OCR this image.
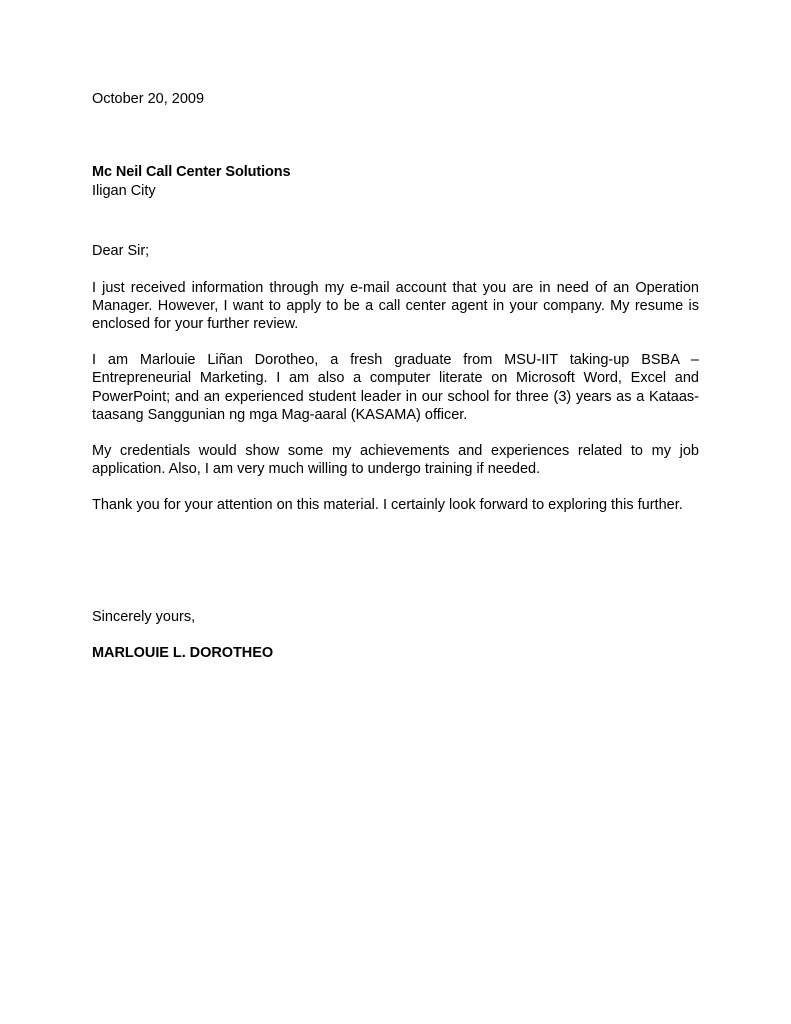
October 20, 2009

Mc Neil Call Center Solutions

Iligan City

Dear Sir;

I just received information through my e-mail account that you are in need of an Operation Manager. However, I want to apply to be a call center agent in your company. My resume is enclosed for your further review.

I am Marlouie Liñan Dorotheo, a fresh graduate from MSU-IIT taking-up BSBA – Entrepreneurial Marketing. I am also a computer literate on Microsoft Word, Excel and PowerPoint; and an experienced student leader in our school for three (3) years as a Kataas-taasang Sanggunian ng mga Mag-aaral (KASAMA) officer.

My credentials would show some my achievements and experiences related to my job application. Also, I am very much willing to undergo training if needed.

Thank you for your attention on this material. I certainly look forward to exploring this further.

Sincerely yours,

MARLOUIE L. DOROTHEO
